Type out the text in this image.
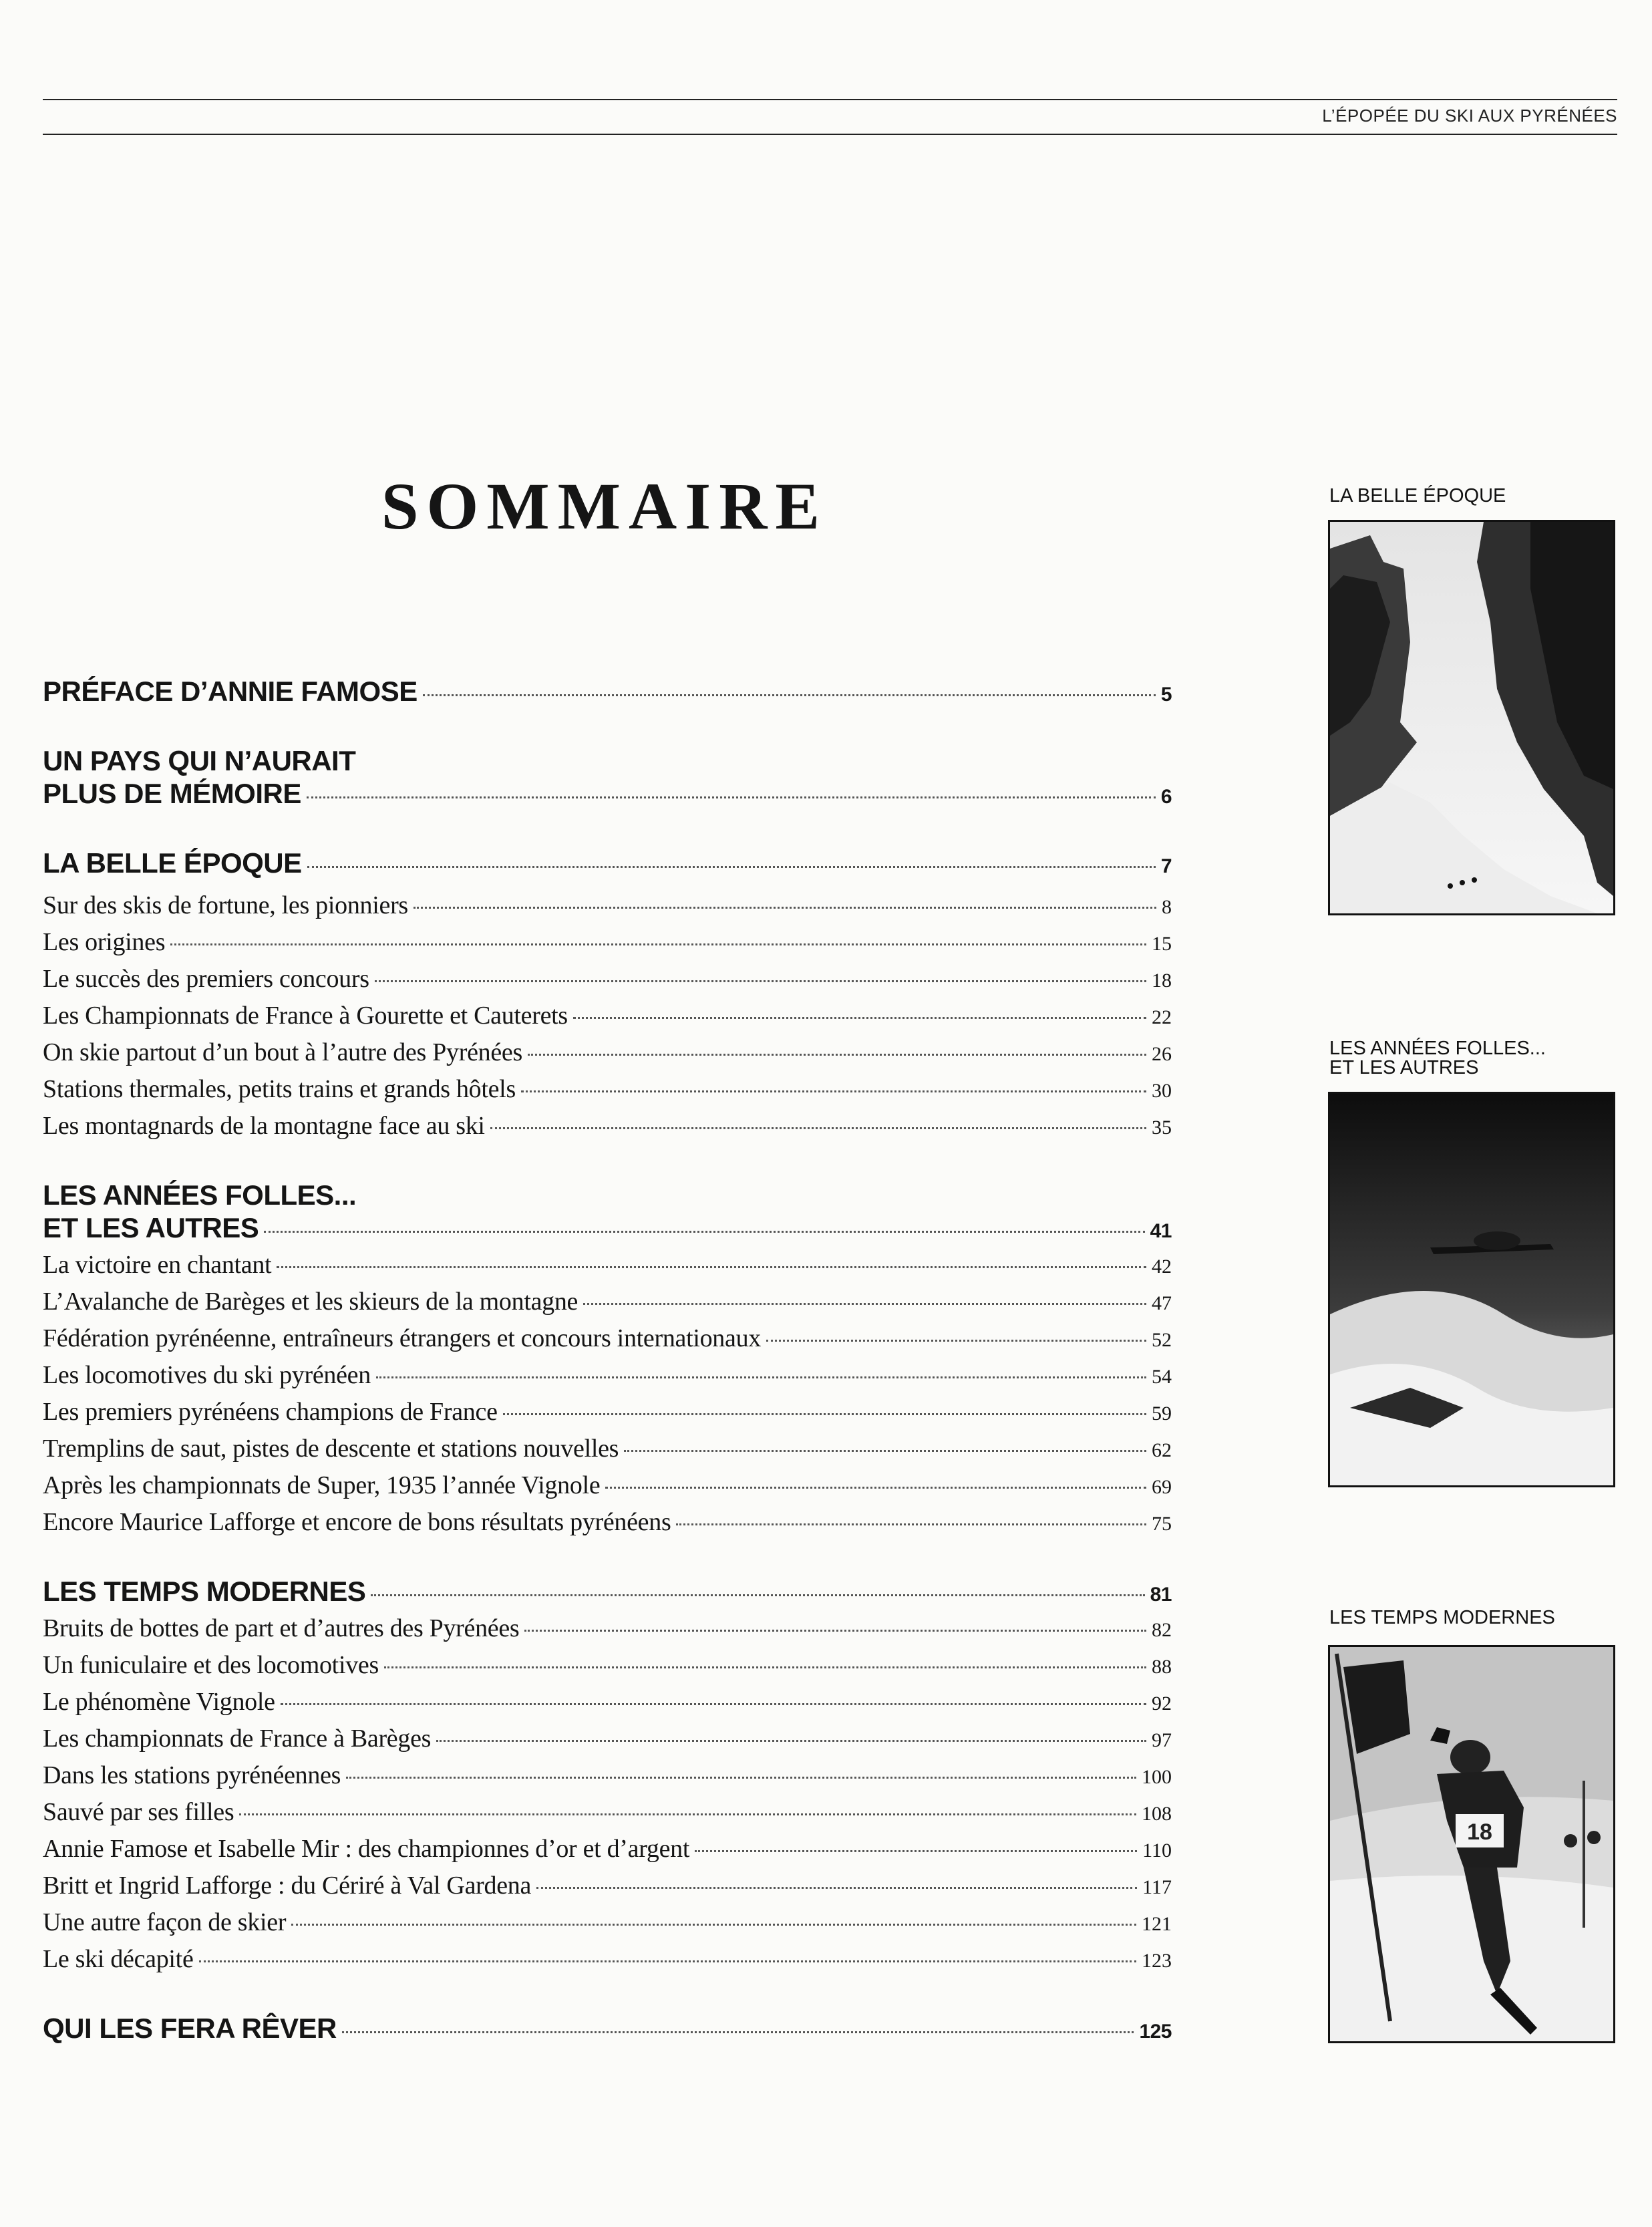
L’ÉPOPÉE DU SKI AUX PYRÉNÉES
SOMMAIRE
PRÉFACE D’ANNIE FAMOSE	5
UN PAYS QUI N’AURAIT
PLUS DE MÉMOIRE	6
LA BELLE ÉPOQUE	7
Sur des skis de fortune, les pionniers	8
Les origines	15
Le succès des premiers concours	18
Les Championnats de France à Gourette et Cauterets	22
On skie partout d’un bout à l’autre des Pyrénées	26
Stations thermales, petits trains et grands hôtels	30
Les montagnards de la montagne face au ski	35
LES ANNÉES FOLLES...
ET LES AUTRES	41
La victoire en chantant	42
L’Avalanche de Barèges et les skieurs de la montagne	47
Fédération pyrénéenne, entraîneurs étrangers et concours internationaux	52
Les locomotives du ski pyrénéen	54
Les premiers pyrénéens champions de France	59
Tremplins de saut, pistes de descente et stations nouvelles	62
Après les championnats de Super, 1935 l’année Vignole	69
Encore Maurice Lafforge et encore de bons résultats pyrénéens	75
LES TEMPS MODERNES	81
Bruits de bottes de part et d’autres des Pyrénées	82
Un funiculaire et des locomotives	88
Le phénomène Vignole	92
Les championnats de France à Barèges	97
Dans les stations pyrénéennes	100
Sauvé par ses filles	108
Annie Famose et Isabelle Mir : des championnes d’or et d’argent	110
Britt et Ingrid Lafforge : du Cériré à Val Gardena	117
Une autre façon de skier	121
Le ski décapité	123
QUI LES FERA RÊVER	125
LA BELLE ÉPOQUE
LES ANNÉES FOLLES...
ET LES AUTRES
LES TEMPS MODERNES
18
